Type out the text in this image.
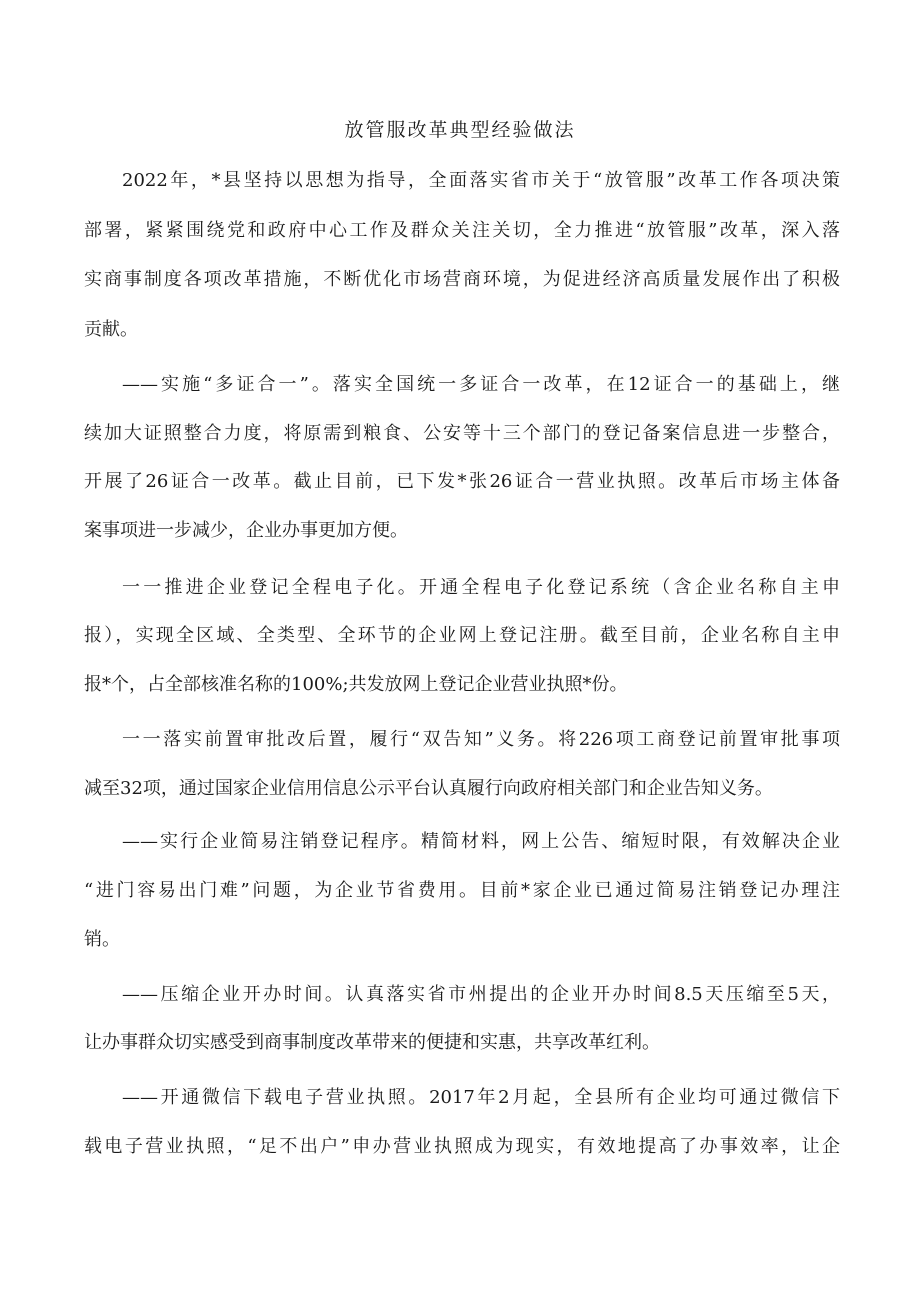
放管服改革典型经验做法
2022年，*县坚持以思想为指导，全面落实省市关于“放管服”改革工作各项决策
部署，紧紧围绕党和政府中心工作及群众关注关切，全力推进“放管服”改革，深入落
实商事制度各项改革措施，不断优化市场营商环境，为促进经济高质量发展作出了积极
贡献。
——实施“多证合一”。落实全国统一多证合一改革，在12证合一的基础上，继
续加大证照整合力度，将原需到粮食、公安等十三个部门的登记备案信息进一步整合，
开展了26证合一改革。截止目前，已下发*张26证合一营业执照。改革后市场主体备
案事项进一步减少，企业办事更加方便。
一一推进企业登记全程电子化。开通全程电子化登记系统（含企业名称自主申
报），实现全区域、全类型、全环节的企业网上登记注册。截至目前，企业名称自主申
报*个，占全部核准名称的100%;共发放网上登记企业营业执照*份。
一一落实前置审批改后置，履行“双告知”义务。将226项工商登记前置审批事项
减至32项，通过国家企业信用信息公示平台认真履行向政府相关部门和企业告知义务。
——实行企业简易注销登记程序。精简材料，网上公告、缩短时限，有效解决企业
“进门容易出门难”问题，为企业节省费用。目前*家企业已通过简易注销登记办理注
销。
——压缩企业开办时间。认真落实省市州提出的企业开办时间8.5天压缩至5天，
让办事群众切实感受到商事制度改革带来的便捷和实惠，共享改革红利。
——开通微信下载电子营业执照。2017年2月起，全县所有企业均可通过微信下
载电子营业执照，“足不出户”申办营业执照成为现实，有效地提高了办事效率，让企
